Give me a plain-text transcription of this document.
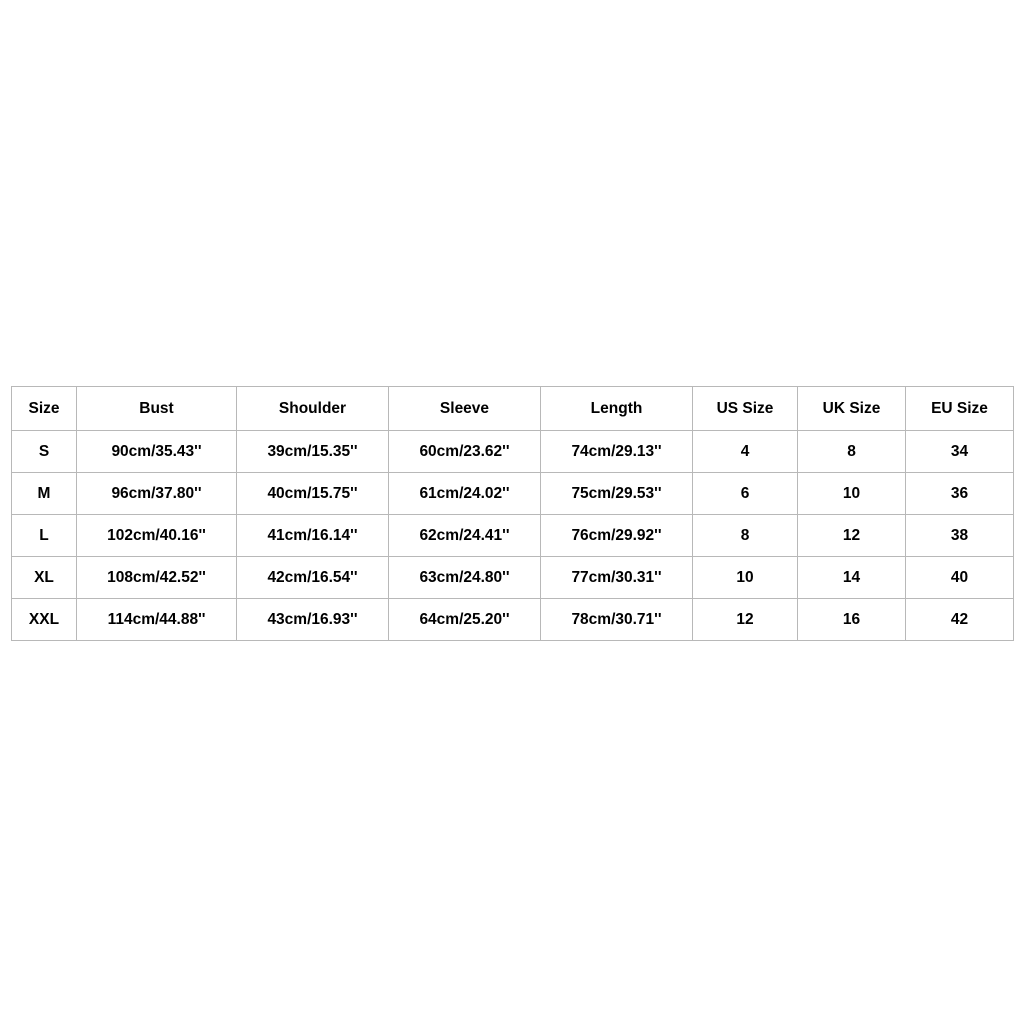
Size	Bust	Shoulder	Sleeve	Length	US Size	UK Size	EU Size
S	90cm/35.43''	39cm/15.35''	60cm/23.62''	74cm/29.13''	4	8	34
M	96cm/37.80''	40cm/15.75''	61cm/24.02''	75cm/29.53''	6	10	36
L	102cm/40.16''	41cm/16.14''	62cm/24.41''	76cm/29.92''	8	12	38
XL	108cm/42.52''	42cm/16.54''	63cm/24.80''	77cm/30.31''	10	14	40
XXL	114cm/44.88''	43cm/16.93''	64cm/25.20''	78cm/30.71''	12	16	42
